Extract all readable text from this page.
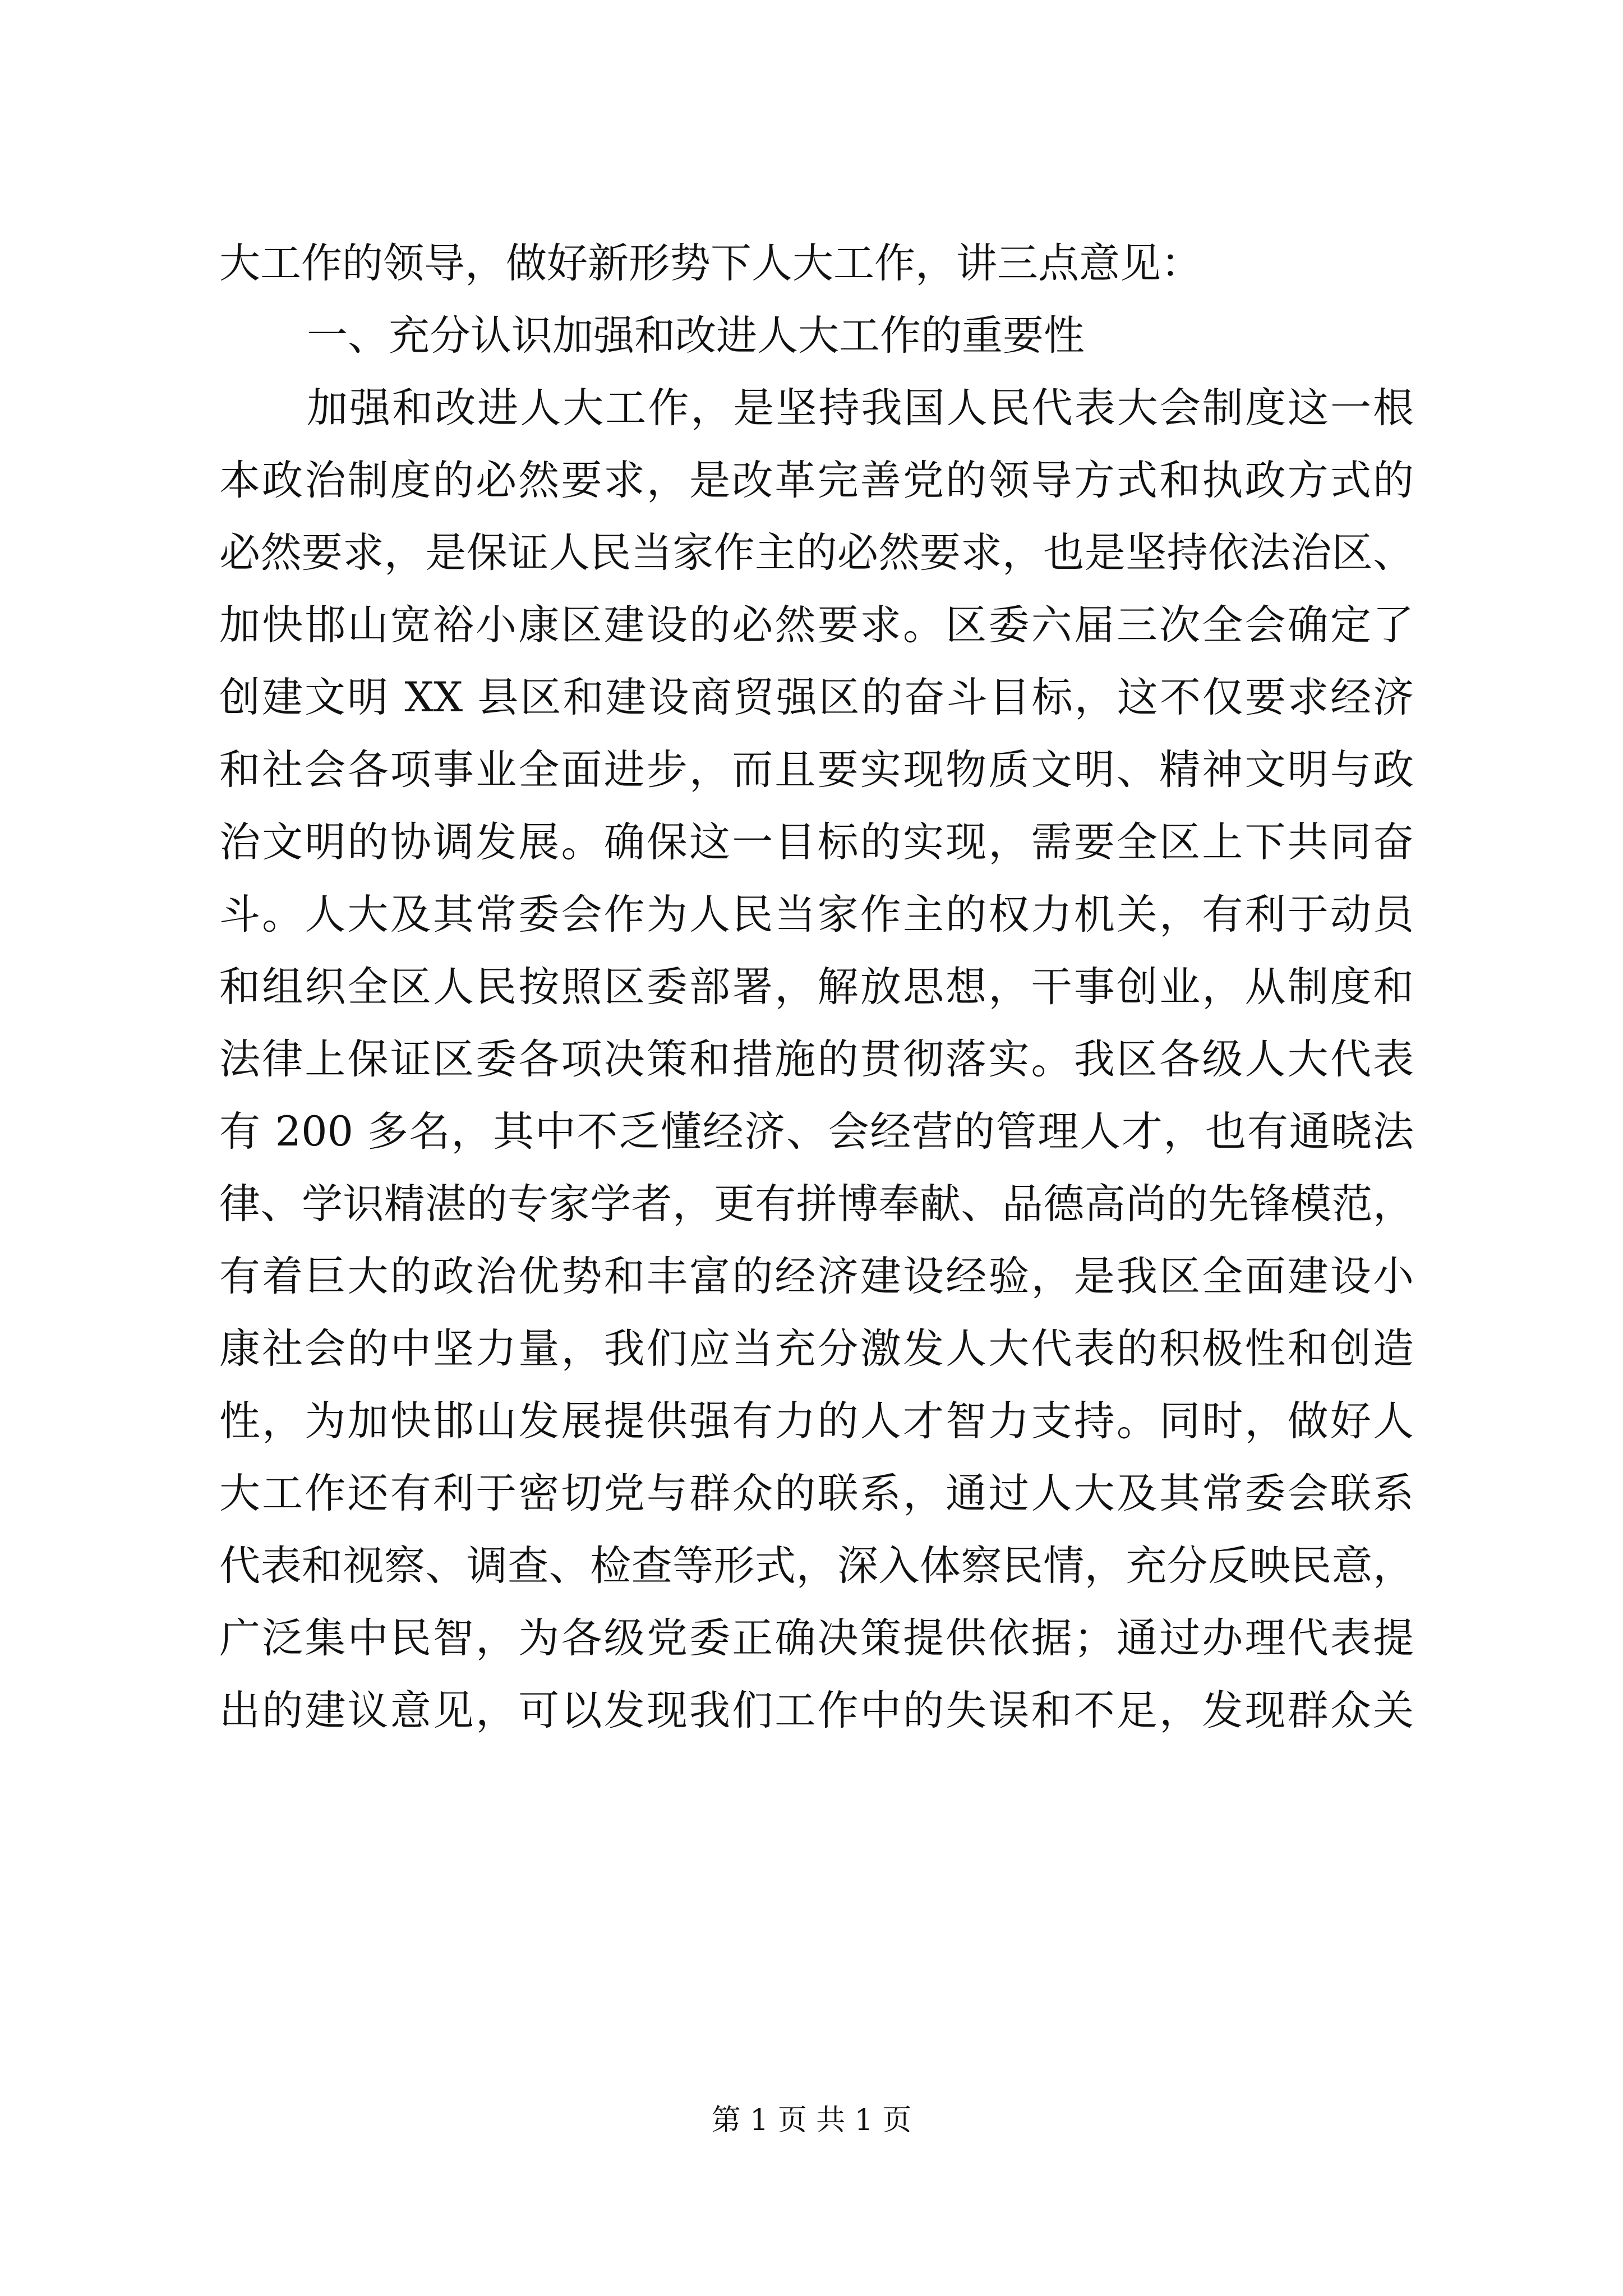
大工作的领导，做好新形势下人大工作，讲三点意见：
一、充分认识加强和改进人大工作的重要性
加强和改进人大工作，是坚持我国人民代表大会制度这一根
本政治制度的必然要求，是改革完善党的领导方式和执政方式的
必然要求，是保证人民当家作主的必然要求，也是坚持依法治区、
加快邯山宽裕小康区建设的必然要求。区委六届三次全会确定了
创建文明 XX 县区和建设商贸强区的奋斗目标，这不仅要求经济
和社会各项事业全面进步，而且要实现物质文明、精神文明与政
治文明的协调发展。确保这一目标的实现，需要全区上下共同奋
斗。人大及其常委会作为人民当家作主的权力机关，有利于动员
和组织全区人民按照区委部署，解放思想，干事创业，从制度和
法律上保证区委各项决策和措施的贯彻落实。我区各级人大代表
有 200 多名，其中不乏懂经济、会经营的管理人才，也有通晓法
律、学识精湛的专家学者，更有拼博奉献、品德高尚的先锋模范，
有着巨大的政治优势和丰富的经济建设经验，是我区全面建设小
康社会的中坚力量，我们应当充分激发人大代表的积极性和创造
性，为加快邯山发展提供强有力的人才智力支持。同时，做好人
大工作还有利于密切党与群众的联系，通过人大及其常委会联系
代表和视察、调查、检查等形式，深入体察民情，充分反映民意，
广泛集中民智，为各级党委正确决策提供依据；通过办理代表提
出的建议意见，可以发现我们工作中的失误和不足，发现群众关
第 1 页 共 1 页
